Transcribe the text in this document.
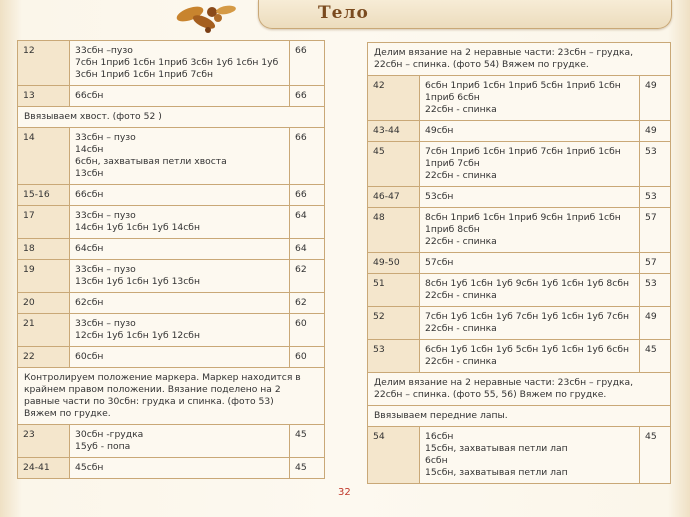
Тело
12	33сбн –пузо
7сбн 1приб 1сбн 1приб 3сбн 1уб 1сбн 1уб
3сбн 1приб 1сбн 1приб 7сбн	66
13	66сбн	66
Ввязываем хвост. (фото 52 )		
14	33сбн – пузо
14сбн
6сбн, захватывая петли хвоста
13сбн	66
15-16	66сбн	66
17	33сбн – пузо
14сбн 1уб 1сбн 1уб 14сбн	64
18	64сбн	64
19	33сбн – пузо
13сбн 1уб 1сбн 1уб 13сбн	62
20	62сбн	62
21	33сбн – пузо
12сбн 1уб 1сбн 1уб 12сбн	60
22	60сбн	60
Контролируем положение маркера. Маркер находится в крайнем правом положении. Вязание поделено на 2 равные части по 30сбн: грудка и спинка. (фото 53)
Вяжем по грудке.		
23	30сбн -грудка
15уб - попа	45
24-41	45сбн	45
Делим вязание на 2 неравные части: 23сбн – грудка,
22сбн – спинка. (фото 54) Вяжем по грудке.		
42	6сбн 1приб 1сбн 1приб 5сбн 1приб 1сбн
1приб 6сбн
22сбн - спинка	49
43-44	49сбн	49
45	7сбн 1приб 1сбн 1приб 7сбн 1приб 1сбн
1приб 7сбн
22сбн - спинка	53
46-47	53сбн	53
48	8сбн 1приб 1сбн 1приб 9сбн 1приб 1сбн
1приб 8сбн
22сбн - спинка	57
49-50	57сбн	57
51	8сбн 1уб 1сбн 1уб 9сбн 1уб 1сбн 1уб 8сбн
22сбн - спинка	53
52	7сбн 1уб 1сбн 1уб 7сбн 1уб 1сбн 1уб 7сбн
22сбн - спинка	49
53	6сбн 1уб 1сбн 1уб 5сбн 1уб 1сбн 1уб 6сбн
22сбн - спинка	45
Делим вязание на 2 неравные части: 23сбн – грудка,
22сбн – спинка. (фото 55, 56) Вяжем по грудке.		
Ввязываем передние лапы.		
54	16сбн
15сбн, захватывая петли лап
6сбн
15сбн, захватывая петли лап	45
32
